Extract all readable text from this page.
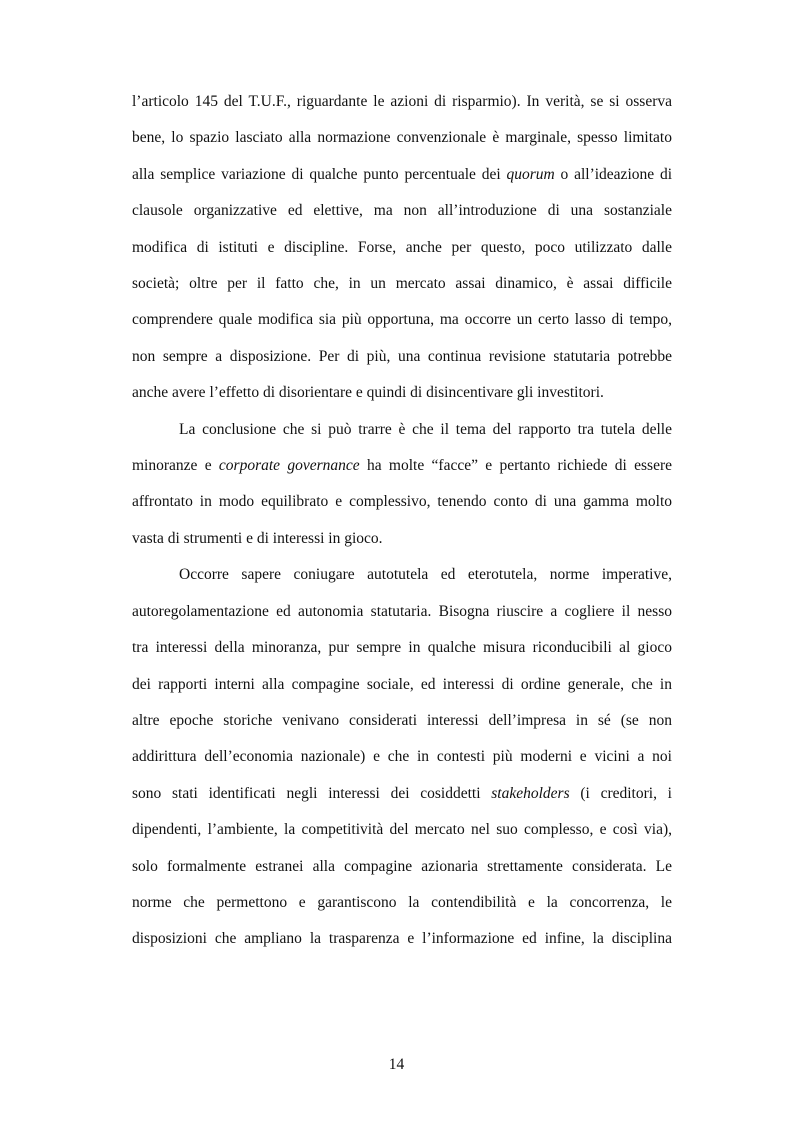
l’articolo 145 del T.U.F., riguardante le azioni di risparmio). In verità, se si osserva
bene, lo spazio lasciato alla normazione convenzionale è marginale, spesso limitato
alla semplice variazione di qualche punto percentuale dei quorum o all’ideazione di
clausole organizzative ed elettive, ma non all’introduzione di una sostanziale
modifica di istituti e discipline. Forse, anche per questo, poco utilizzato dalle
società; oltre per il fatto che, in un mercato assai dinamico, è assai difficile
comprendere quale modifica sia più opportuna, ma occorre un certo lasso di tempo,
non sempre a disposizione. Per di più, una continua revisione statutaria potrebbe
anche avere l’effetto di disorientare e quindi di disincentivare gli investitori.
La conclusione che si può trarre è che il tema del rapporto tra tutela delle
minoranze e corporate governance ha molte “facce” e pertanto richiede di essere
affrontato in modo equilibrato e complessivo, tenendo conto di una gamma molto
vasta di strumenti e di interessi in gioco.
Occorre sapere coniugare autotutela ed eterotutela, norme imperative,
autoregolamentazione ed autonomia statutaria. Bisogna riuscire a cogliere il nesso
tra interessi della minoranza, pur sempre in qualche misura riconducibili al gioco
dei rapporti interni alla compagine sociale, ed interessi di ordine generale, che in
altre epoche storiche venivano considerati interessi dell’impresa in sé (se non
addirittura dell’economia nazionale) e che in contesti più moderni e vicini a noi
sono stati identificati negli interessi dei cosiddetti stakeholders (i creditori, i
dipendenti, l’ambiente, la competitività del mercato nel suo complesso, e così via),
solo formalmente estranei alla compagine azionaria strettamente considerata. Le
norme che permettono e garantiscono la contendibilità e la concorrenza, le
disposizioni che ampliano la trasparenza e l’informazione ed infine, la disciplina
14
